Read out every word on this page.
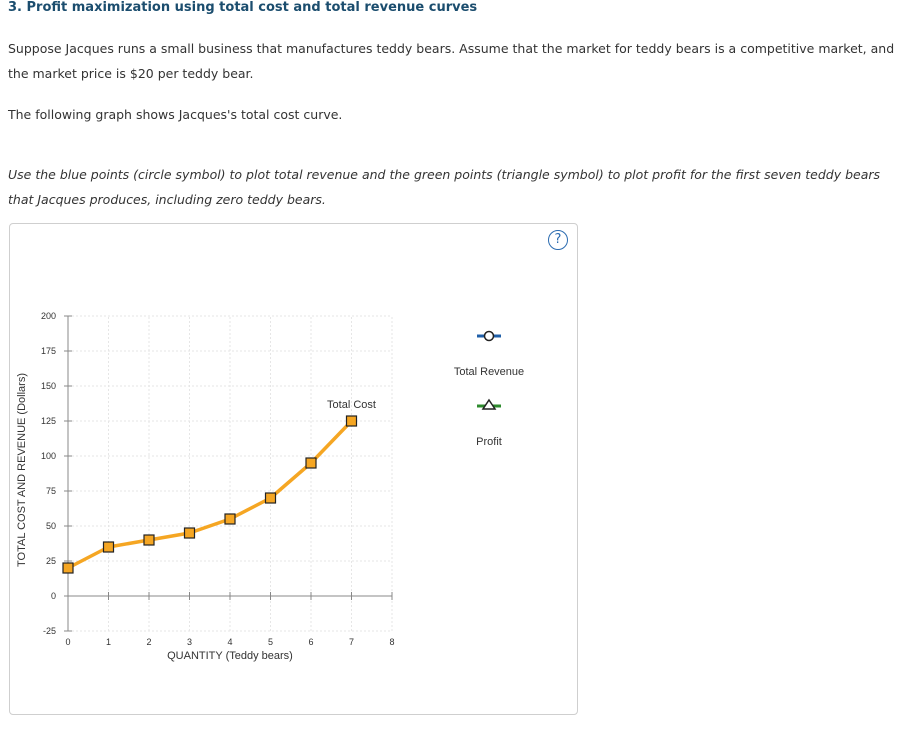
3. Profit maximization using total cost and total revenue curves
Suppose Jacques runs a small business that manufactures teddy bears. Assume that the market for teddy bears is a competitive market, and the market price is $20 per teddy bear.
The following graph shows Jacques's total cost curve.
Use the blue points (circle symbol) to plot total revenue and the green points (triangle symbol) to plot profit for the first seven teddy bears that Jacques produces, including zero teddy bears.
?
TOTAL COST AND REVENUE (Dollars)
-25
0
25
50
75
100
125
150
175
200
0	1	2	3	4	5	6	7	8
Total Cost
Total Revenue
Profit
QUANTITY (Teddy bears)
